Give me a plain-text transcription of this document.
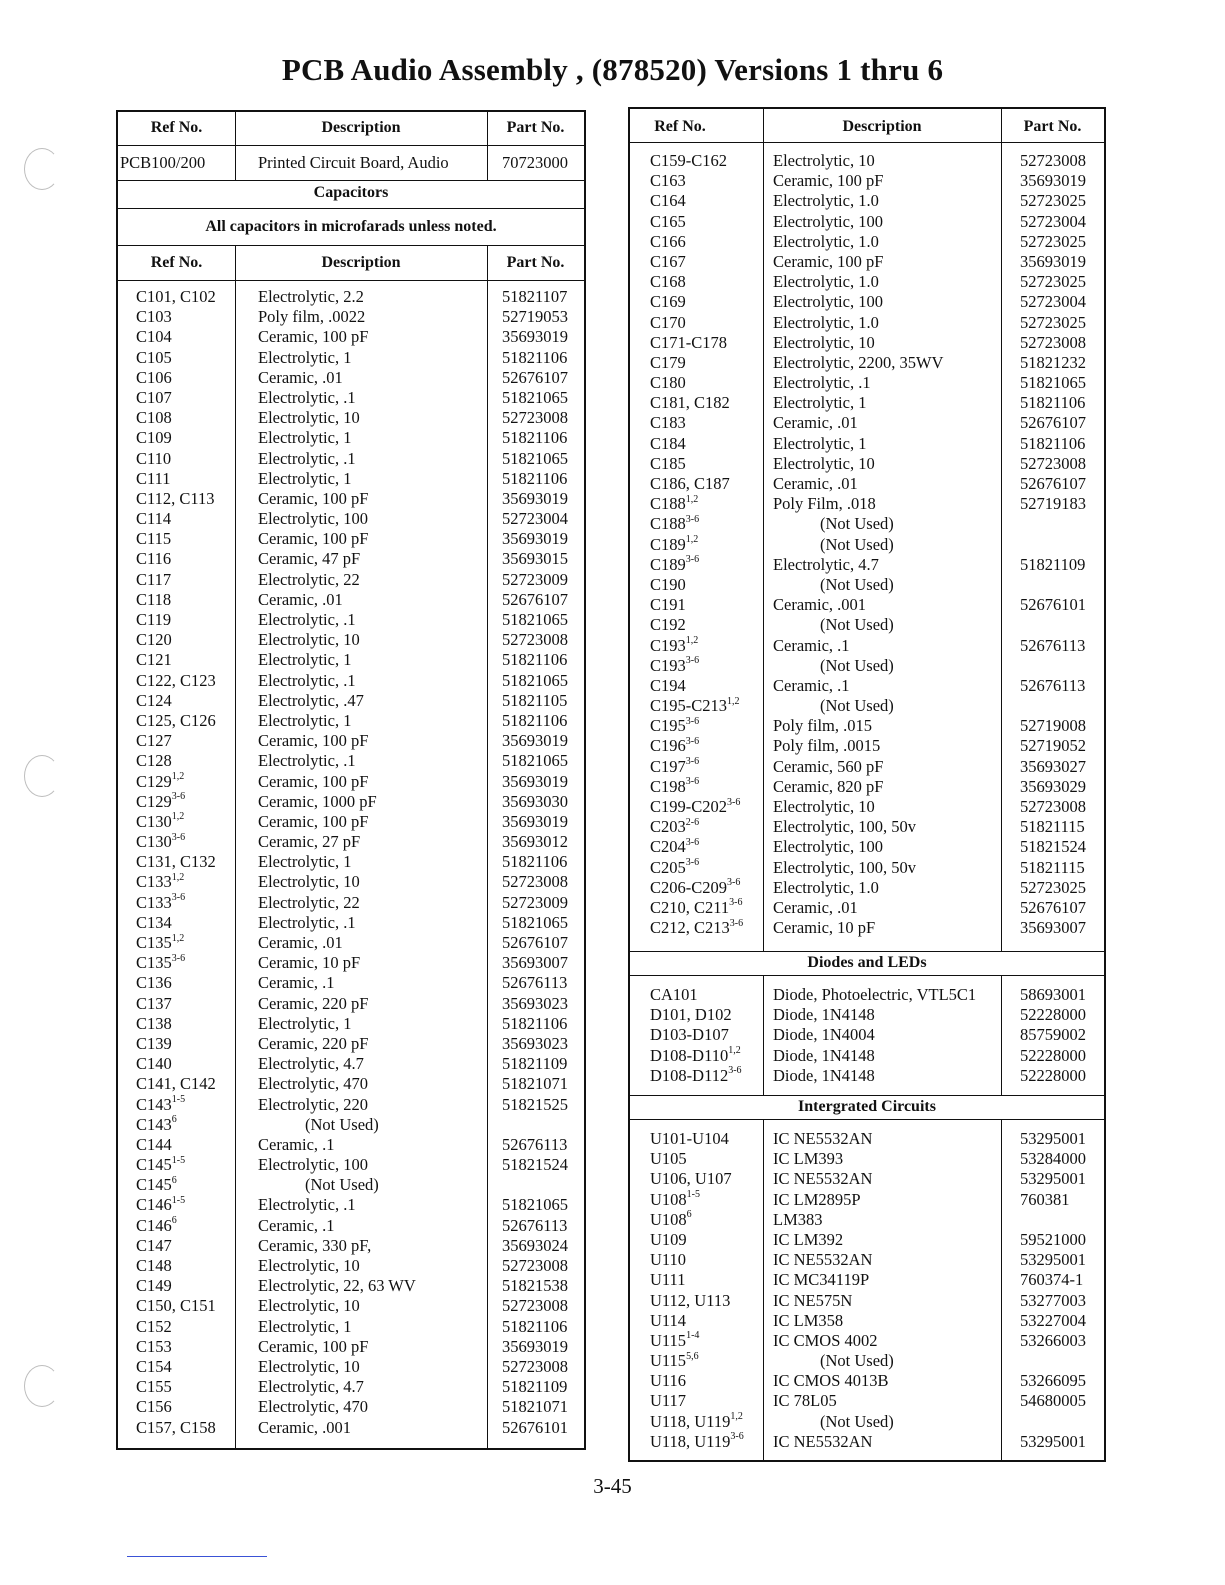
PCB Audio Assembly , (878520) Versions 1 thru 6
Ref No.	Description	Part No.
PCB100/200	Printed Circuit Board, Audio	70723000
Capacitors
All capacitors in microfarads unless noted.
Ref No.	Description	Part No.
C101, C102	Electrolytic, 2.2	51821107
C103	Poly film, .0022	52719053
C104	Ceramic, 100 pF	35693019
C105	Electrolytic, 1	51821106
C106	Ceramic, .01	52676107
C107	Electrolytic, .1	51821065
C108	Electrolytic, 10	52723008
C109	Electrolytic, 1	51821106
C110	Electrolytic, .1	51821065
C111	Electrolytic, 1	51821106
C112, C113	Ceramic, 100 pF	35693019
C114	Electrolytic, 100	52723004
C115	Ceramic, 100 pF	35693019
C116	Ceramic, 47 pF	35693015
C117	Electrolytic, 22	52723009
C118	Ceramic, .01	52676107
C119	Electrolytic, .1	51821065
C120	Electrolytic, 10	52723008
C121	Electrolytic, 1	51821106
C122, C123	Electrolytic, .1	51821065
C124	Electrolytic, .47	51821105
C125, C126	Electrolytic, 1	51821106
C127	Ceramic, 100 pF	35693019
C128	Electrolytic, .1	51821065
C129$^{1,2}$	Ceramic, 100 pF	35693019
C129$^{3-6}$	Ceramic, 1000 pF	35693030
C130$^{1,2}$	Ceramic, 100 pF	35693019
C130$^{3-6}$	Ceramic, 27 pF	35693012
C131, C132	Electrolytic, 1	51821106
C133$^{1,2}$	Electrolytic, 10	52723008
C133$^{3-6}$	Electrolytic, 22	52723009
C134	Electrolytic, .1	51821065
C135$^{1,2}$	Ceramic, .01	52676107
C135$^{3-6}$	Ceramic, 10 pF	35693007
C136	Ceramic, .1	52676113
C137	Ceramic, 220 pF	35693023
C138	Electrolytic, 1	51821106
C139	Ceramic, 220 pF	35693023
C140	Electrolytic, 4.7	51821109
C141, C142	Electrolytic, 470	51821071
C143$^{1-5}$	Electrolytic, 220	51821525
$C143^6$	(Not Used)
C144	Ceramic, .1	52676113
C145$^{1-5}$	Electrolytic, 100	51821524
$C145^6$	(Not Used)
C146$^{1-5}$	Electrolytic, .1	51821065
$C146^6$	Ceramic, .1	52676113
C147	Ceramic, 330 pF,	35693024
C148	Electrolytic, 10	52723008
C149	Electrolytic, 22, 63 WV	51821538
C150, C151	Electrolytic, 10	52723008
C152	Electrolytic, 1	51821106
C153	Ceramic, 100 pF	35693019
C154	Electrolytic, 10	52723008
C155	Electrolytic, 4.7	51821109
C156	Electrolytic, 470	51821071
C157, C158	Ceramic, .001	52676101
Ref No.	Description	Part No.
C159-C162	Electrolytic, 10	52723008
C163	Ceramic, 100 pF	35693019
C164	Electrolytic, 1.0	52723025
C165	Electrolytic, 100	52723004
C166	Electrolytic, 1.0	52723025
C167	Ceramic, 100 pF	35693019
C168	Electrolytic, 1.0	52723025
C169	Electrolytic, 100	52723004
C170	Electrolytic, 1.0	52723025
C171-C178	Electrolytic, 10	52723008
C179	Electrolytic, 2200, 35WV	51821232
C180	Electrolytic, .1	51821065
C181, C182	Electrolytic, 1	51821106
C183	Ceramic, .01	52676107
C184	Electrolytic, 1	51821106
C185	Electrolytic, 10	52723008
C186, C187	Ceramic, .01	52676107
C188$^{1,2}$	Poly Film, .018	52719183
C188$^{3-6}$	(Not Used)
C189$^{1,2}$	(Not Used)
C189$^{3-6}$	Electrolytic, 4.7	51821109
C190	(Not Used)
C191	Ceramic, .001	52676101
C192	(Not Used)
C193$^{1,2}$	Ceramic, .1	52676113
C193$^{3-6}$	(Not Used)
C194	Ceramic, .1	52676113
C195-C213$^{1,2}$	(Not Used)
C195$^{3-6}$	Poly film, .015	52719008
C196$^{3-6}$	Poly film, .0015	52719052
C197$^{3-6}$	Ceramic, 560 pF	35693027
C198$^{3-6}$	Ceramic, 820 pF	35693029
C199-C202$^{3-6}$ Electrolytic, 10	52723008
C203$^{2-6}$	Electrolytic, 100, 50v	51821115
C204$^{3-6}$	Electrolytic, 100	51821524
C205$^{3-6}$	Electrolytic, 100, 50v	51821115
C206-C209$^{3-6}$ Electrolytic, 1.0	52723025
C210, C211$^{3-6}$ Ceramic, .01	52676107
C212, C213$^{3-6}$ Ceramic, 10 pF	35693007
Diodes and LEDs
CA101	Diode, Photoelectric, VTL5C1	58693001
D101, D102	Diode, 1N4148	52228000
D103-D107	Diode, 1N4004	85759002
D108-D110$^{1,2}$ Diode, 1N4148	52228000
D108-D112$^{3-6}$ Diode, 1N4148	52228000
Intergrated Circuits
U101-U104	IC NE5532AN	53295001
U105	IC LM393	53284000
U106, U107	IC NE5532AN	53295001
U108$^{1-5}$	IC LM2895P	760381
$U108^6$	LM383
U109	IC LM392	59521000
U110	IC NE5532AN	53295001
U111	IC MC34119P	760374-1
U112, U113	IC NE575N	53277003
U114	IC LM358	53227004
U115$^{1-4}$	IC CMOS 4002	53266003
U115$^{5,6}$	(Not Used)
U116	IC CMOS 4013B	53266095
U117	IC 78L05	54680005
U118, U119$^{1,2}$	(Not Used)
U118, U119$^{3-6}$ IC NE5532AN	53295001
3-45
